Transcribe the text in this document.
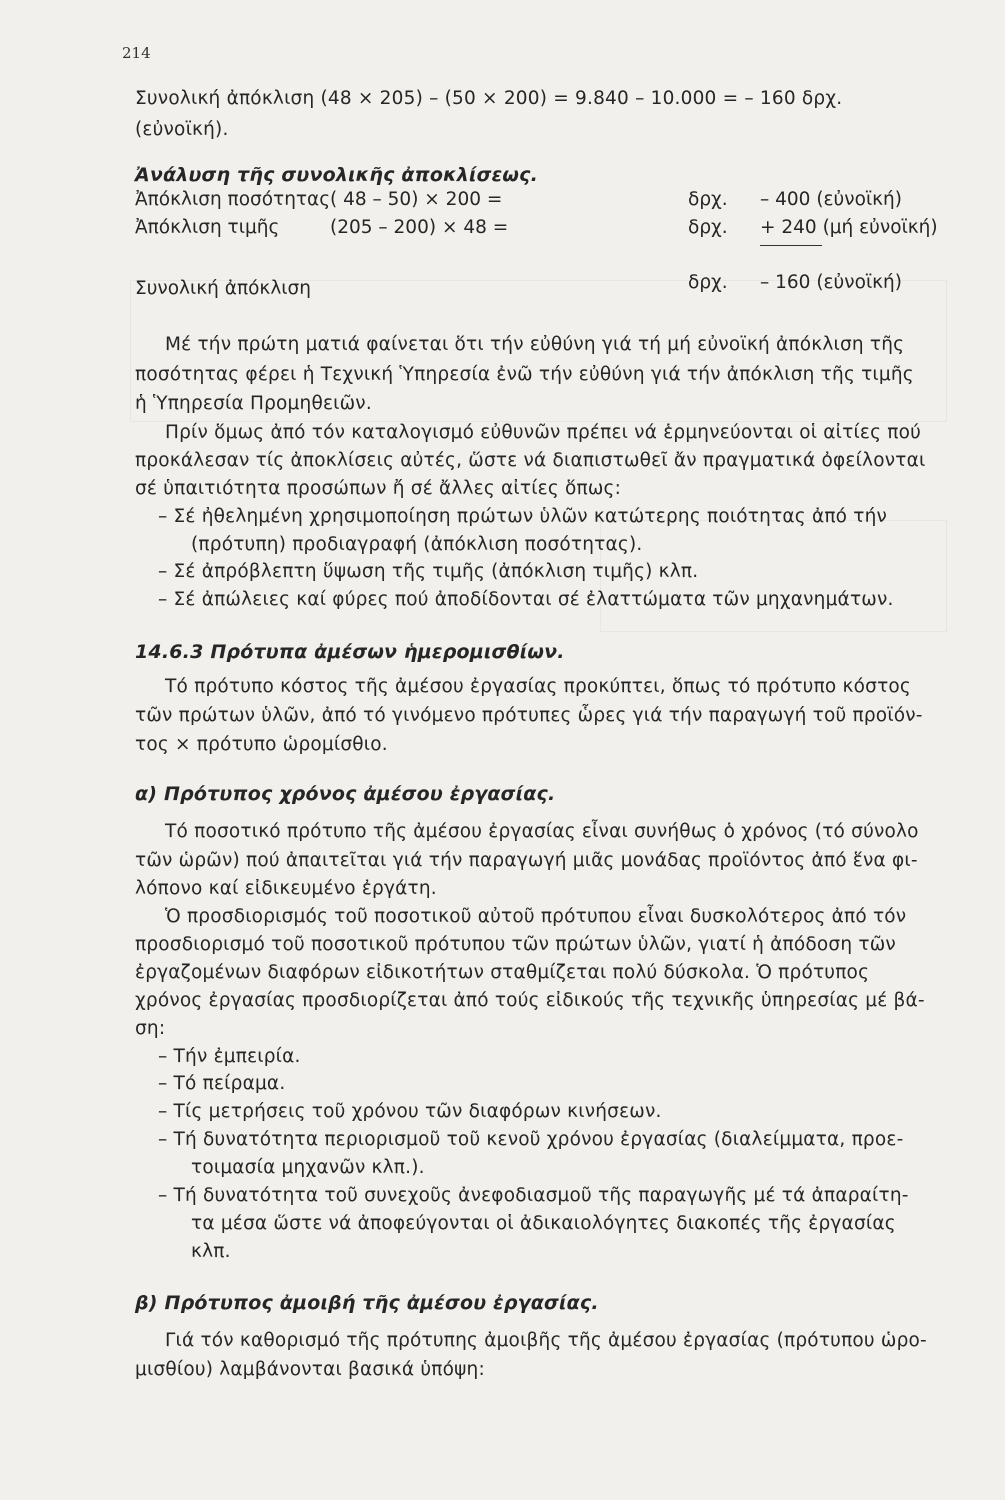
214
Συνολική ἀπόκλιση (48 × 205) – (50 × 200) = 9.840 – 10.000 = – 160 δρχ.
(εὐνοϊκή).
Ἀνάλυση τῆς συνολικῆς ἀποκλίσεως.
Ἀπόκλιση ποσότητας ( 48 – 50) × 200 =	δρχ. – 400 (εὐνοϊκή)
Ἀπόκλιση τιμῆς	(205 – 200) × 48 =	δρχ. + 240 (μή εὐνοϊκή)
Συνολική ἀπόκλιση	δρχ. – 160 (εὐνοϊκή)
Μέ τήν πρώτη ματιά φαίνεται ὅτι τήν εὐθύνη γιά τή μή εὐνοϊκή ἀπόκλιση τῆς
ποσότητας φέρει ἡ Τεχνική Ὑπηρεσία ἐνῶ τήν εὐθύνη γιά τήν ἀπόκλιση τῆς τιμῆς
ἡ Ὑπηρεσία Προμηθειῶν.
Πρίν ὅμως ἀπό τόν καταλογισμό εὐθυνῶν πρέπει νά ἑρμηνεύονται οἱ αἰτίες πού
προκάλεσαν τίς ἀποκλίσεις αὐτές, ὥστε νά διαπιστωθεῖ ἄν πραγματικά ὀφείλονται
σέ ὑπαιτιότητα προσώπων ἤ σέ ἄλλες αἰτίες ὅπως:
– Σέ ἠθελημένη χρησιμοποίηση πρώτων ὑλῶν κατώτερης ποιότητας ἀπό τήν
(πρότυπη) προδιαγραφή (ἀπόκλιση ποσότητας).
– Σέ ἀπρόβλεπτη ὕψωση τῆς τιμῆς (ἀπόκλιση τιμῆς) κλπ.
– Σέ ἀπώλειες καί φύρες πού ἀποδίδονται σέ ἐλαττώματα τῶν μηχανημάτων.
14.6.3 Πρότυπα ἀμέσων ἡμερομισθίων.
Τό πρότυπο κόστος τῆς ἀμέσου ἐργασίας προκύπτει, ὅπως τό πρότυπο κόστος
τῶν πρώτων ὑλῶν, ἀπό τό γινόμενο πρότυπες ὧρες γιά τήν παραγωγή τοῦ προϊόν-
τος × πρότυπο ὡρομίσθιο.
α) Πρότυπος χρόνος ἀμέσου ἐργασίας.
Τό ποσοτικό πρότυπο τῆς ἀμέσου ἐργασίας εἶναι συνήθως ὁ χρόνος (τό σύνολο
τῶν ὡρῶν) πού ἀπαιτεῖται γιά τήν παραγωγή μιᾶς μονάδας προϊόντος ἀπό ἕνα φι-
λόπονο καί εἰδικευμένο ἐργάτη.
Ὁ προσδιορισμός τοῦ ποσοτικοῦ αὐτοῦ πρότυπου εἶναι δυσκολότερος ἀπό τόν
προσδιορισμό τοῦ ποσοτικοῦ πρότυπου τῶν πρώτων ὑλῶν, γιατί ἡ ἀπόδοση τῶν
ἐργαζομένων διαφόρων εἰδικοτήτων σταθμίζεται πολύ δύσκολα. Ὁ πρότυπος
χρόνος ἐργασίας προσδιορίζεται ἀπό τούς εἰδικούς τῆς τεχνικῆς ὑπηρεσίας μέ βά-
ση:
– Τήν ἐμπειρία.
– Τό πείραμα.
– Τίς μετρήσεις τοῦ χρόνου τῶν διαφόρων κινήσεων.
– Τή δυνατότητα περιορισμοῦ τοῦ κενοῦ χρόνου ἐργασίας (διαλείμματα, προε-
τοιμασία μηχανῶν κλπ.).
– Τή δυνατότητα τοῦ συνεχοῦς ἀνεφοδιασμοῦ τῆς παραγωγῆς μέ τά ἀπαραίτη-
τα μέσα ὥστε νά ἀποφεύγονται οἱ ἀδικαιολόγητες διακοπές τῆς ἐργασίας
κλπ.
β) Πρότυπος ἀμοιβή τῆς ἀμέσου ἐργασίας.
Γιά τόν καθορισμό τῆς πρότυπης ἀμοιβῆς τῆς ἀμέσου ἐργασίας (πρότυπου ὡρο-
μισθίου) λαμβάνονται βασικά ὑπόψη:
